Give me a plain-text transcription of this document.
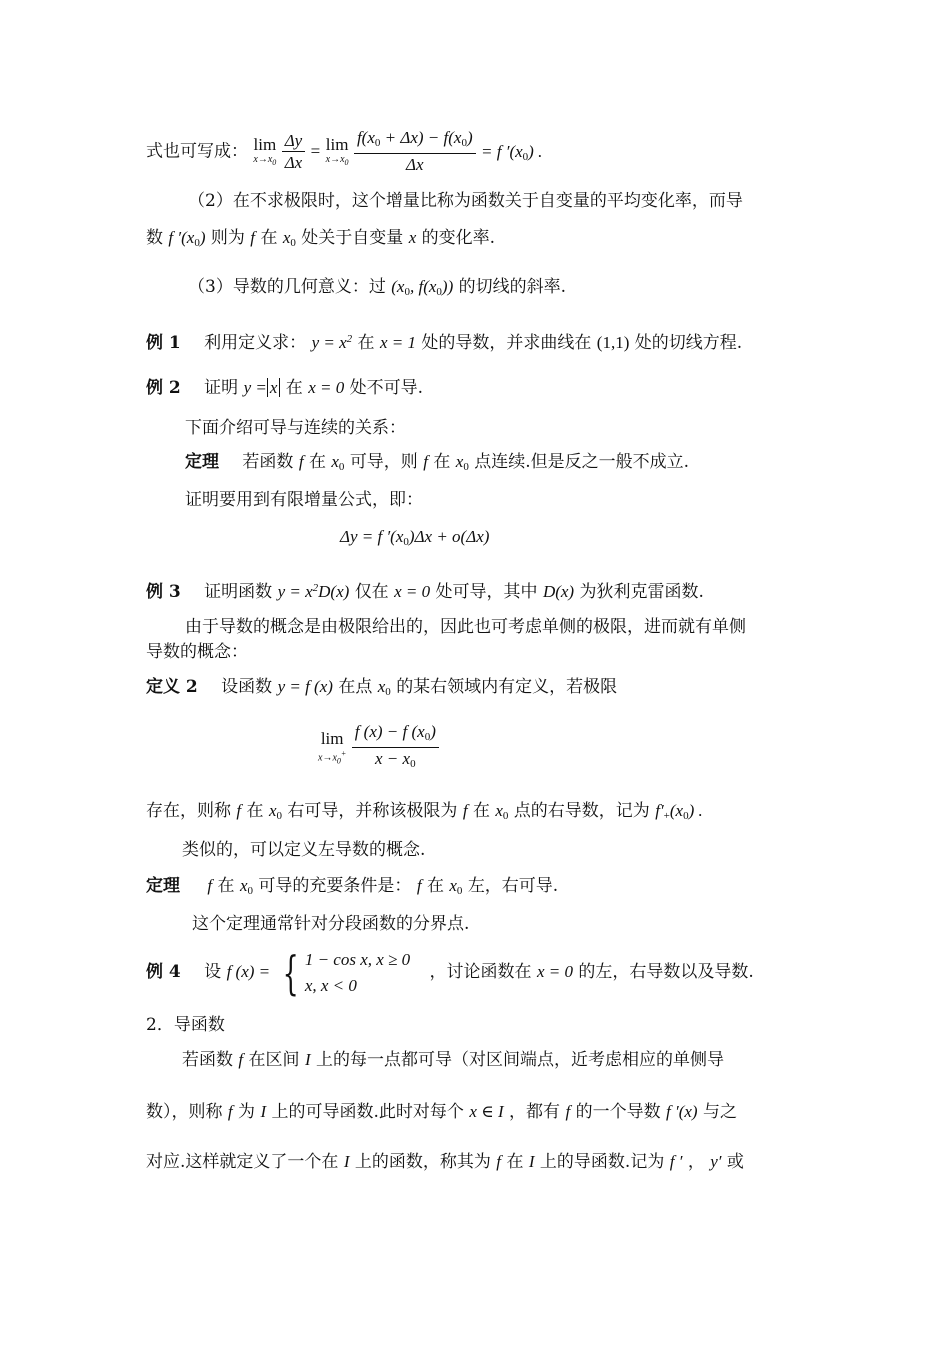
式也可写成： lim
$x\to x_0$
$\frac{\Delta y}{\Delta x} = \lim$
$x\to x_0$
$\frac{f(x_0 + \Delta x) - f(x_0)}{\Delta x} = f$ $'(x_0)$ .
（2）在不求极限时，这个增量比称为函数关于自变量的平均变化率，而导
数 f $'(x_0)$ 则为 f 在 $x_0$ 处关于自变量 x 的变化率.
（3）导数的几何意义：过 ($x_0$, $f(x_0)$) 的切线的斜率.
例 1 利用定义求： $y = x^2$ 在 x = 1 处的导数，并求曲线在 (1,1) 处的切线方程.
例 2 证明 y = x 在 x = 0 处不可导.
下面介绍可导与连续的关系：
定理 若函数 f 在 $x_0$ 可导，则 f 在 $x_0$ 点连续.但是反之一般不成立.
证明要用到有限增量公式，即：
Δy = f $'(x_0)\Delta x + o(\Delta x)$
例 3 证明函数 $y = x^2D(x)$ 仅在 x = 0 处可导，其中 D(x) 为狄利克雷函数.
由于导数的概念是由极限给出的，因此也可考虑单侧的极限，进而就有单侧
导数的概念：
定义 2 设函数 y = f (x) 在点 $x_0$ 的某右领域内有定义，若极限
lim
$x\to x_0^+$
$\frac{f (x) - f (x_0)}{x - x_0}$
存在，则称 f 在 $x_0$ 右可导，并称该极限为 f 在 $x_0$ 点的右导数，记为 $f'_+(x_0)$ .
类似的，可以定义左导数的概念.
定理 f 在 $x_0$ 可导的充要条件是： f 在 $x_0$ 左，右可导.
这个定理通常针对分段函数的分界点.
例 4 设 f (x) = { 1 − cos x, x ≥ 0
x, x < 0
，讨论函数在 x = 0 的左，右导数以及导数.
2．导函数
若函数 f 在区间 I 上的每一点都可导（对区间端点，近考虑相应的单侧导
数），则称 f 为 I 上的可导函数.此时对每个 x ∈ I ，都有 f 的一个导数 f ′(x) 与之
对应.这样就定义了一个在 I 上的函数，称其为 f 在 I 上的导函数.记为 f ′ ， y′ 或
